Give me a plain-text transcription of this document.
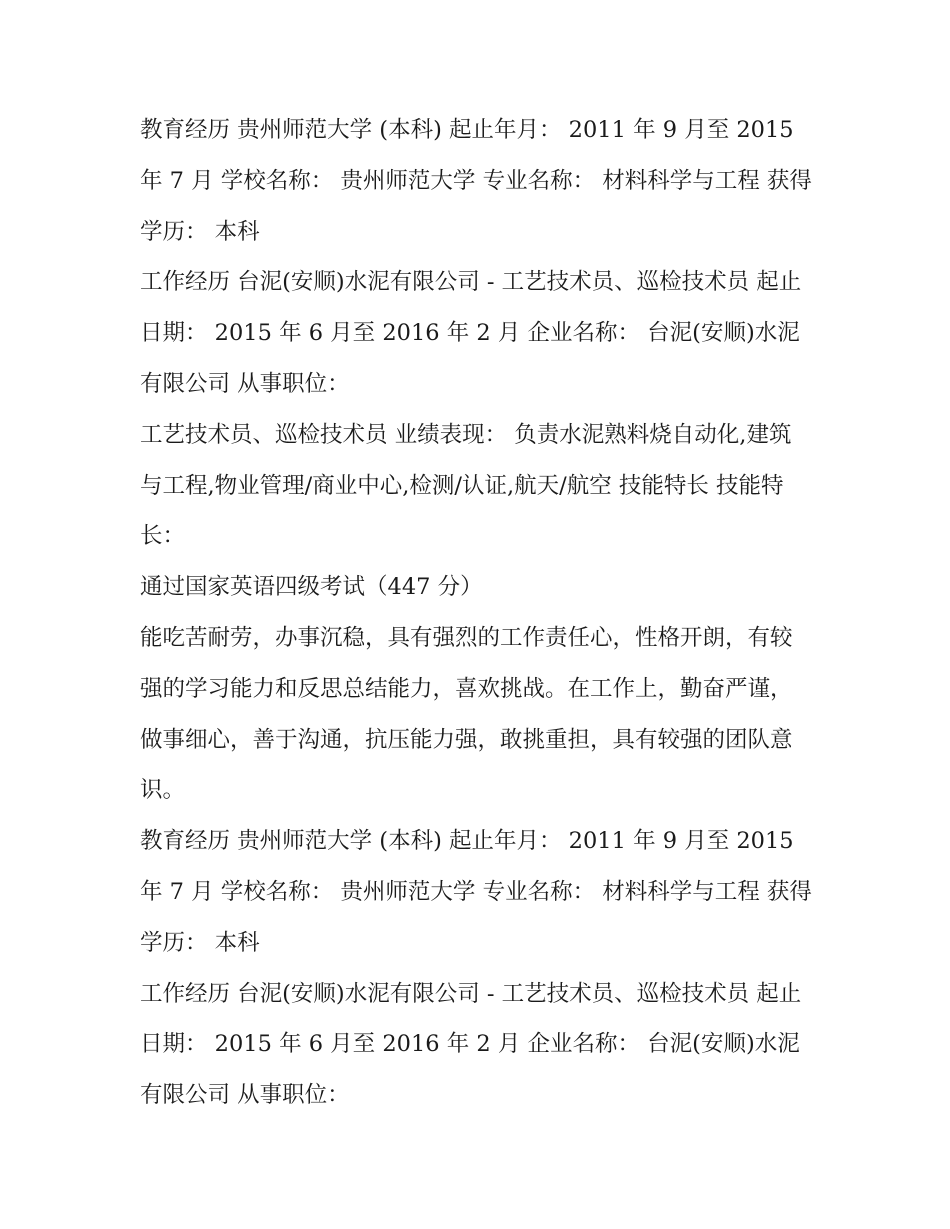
教育经历 贵州师范大学 (本科) 起止年月： 2011 年 9 月至 2015 年 7 月 学校名称： 贵州师范大学 专业名称： 材料科学与工程 获得学历： 本科

工作经历 台泥(安顺)水泥有限公司 - 工艺技术员、巡检技术员 起止日期： 2015 年 6 月至 2016 年 2 月 企业名称： 台泥(安顺)水泥有限公司 从事职位：

工艺技术员、巡检技术员 业绩表现： 负责水泥熟料烧自动化,建筑与工程,物业管理/商业中心,检测/认证,航天/航空 技能特长 技能特长：

通过国家英语四级考试（447 分）

能吃苦耐劳，办事沉稳，具有强烈的工作责任心，性格开朗，有较强的学习能力和反思总结能力，喜欢挑战。在工作上，勤奋严谨，做事细心，善于沟通，抗压能力强，敢挑重担，具有较强的团队意识。

教育经历 贵州师范大学 (本科) 起止年月： 2011 年 9 月至 2015 年 7 月 学校名称： 贵州师范大学 专业名称： 材料科学与工程 获得学历： 本科

工作经历 台泥(安顺)水泥有限公司 - 工艺技术员、巡检技术员 起止日期： 2015 年 6 月至 2016 年 2 月 企业名称： 台泥(安顺)水泥有限公司 从事职位：
